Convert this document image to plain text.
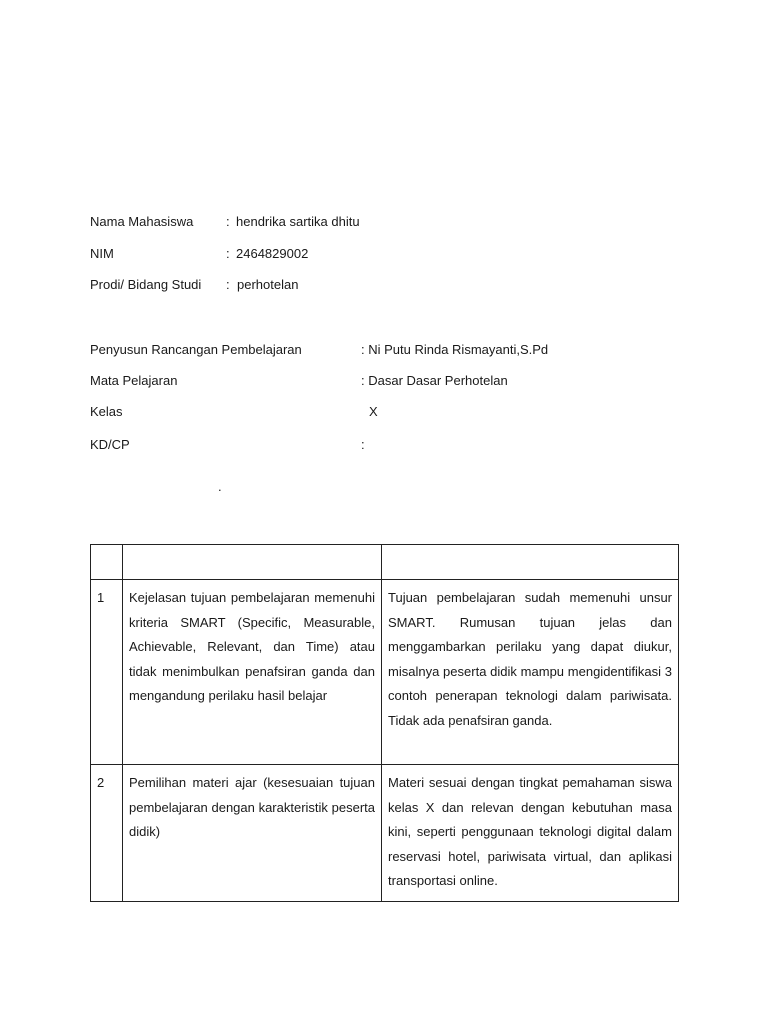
Nama Mahasiswa	: hendrika sartika dhitu
NIM	: 2464829002
Prodi/ Bidang Studi : perhotelan
Penyusun Rancangan Pembelajaran	: Ni Putu Rinda Rismayanti,S.Pd
Mata Pelajaran	: Dasar Dasar Perhotelan
Kelas	X
KD/CP	:
.

1	Kejelasan tujuan pembelajaran memenuhi kriteria SMART (Specific, Measurable, Achievable, Relevant, dan Time) atau tidak menimbulkan penafsiran ganda dan mengandung perilaku hasil belajar	Tujuan pembelajaran sudah memenuhi unsur SMART. Rumusan tujuan jelas dan menggambarkan perilaku yang dapat diukur, misalnya peserta didik mampu mengidentifikasi 3 contoh penerapan teknologi dalam pariwisata. Tidak ada penafsiran ganda.
2	Pemilihan materi ajar (kesesuaian tujuan pembelajaran dengan karakteristik peserta didik)	Materi sesuai dengan tingkat pemahaman siswa kelas X dan relevan dengan kebutuhan masa kini, seperti penggunaan teknologi digital dalam reservasi hotel, pariwisata virtual, dan aplikasi transportasi online.
